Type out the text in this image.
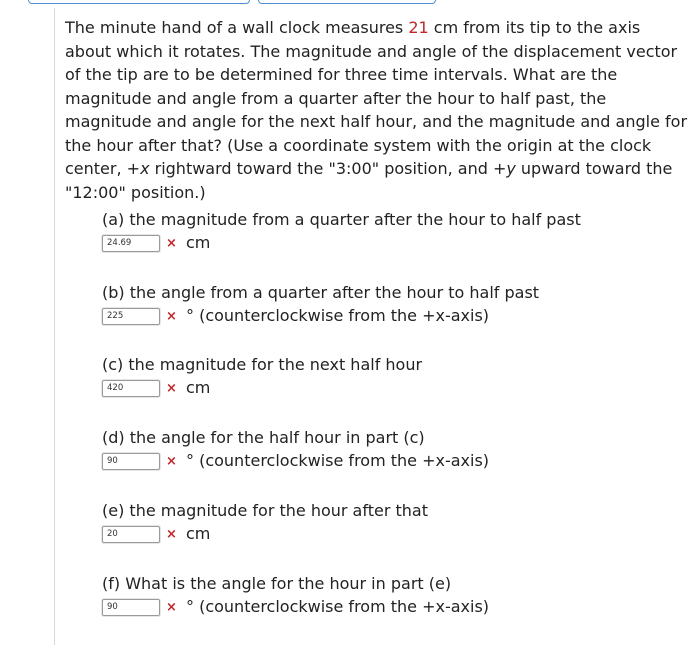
The minute hand of a wall clock measures 21 cm from its tip to the axis about which it rotates. The magnitude and angle of the displacement vector of the tip are to be determined for three time intervals. What are the magnitude and angle from a quarter after the hour to half past, the magnitude and angle for the next half hour, and the magnitude and angle for the hour after that? (Use a coordinate system with the origin at the clock center, +x rightward toward the "3:00" position, and +y upward toward the "12:00" position.)

(a) the magnitude from a quarter after the hour to half past

24.69	× cm

(b) the angle from a quarter after the hour to half past

225	× ° (counterclockwise from the +x-axis)

(c) the magnitude for the next half hour

420	× cm

(d) the angle for the half hour in part (c)

90	× ° (counterclockwise from the +x-axis)

(e) the magnitude for the hour after that

20	× cm

(f) What is the angle for the hour in part (e)

90	× ° (counterclockwise from the +x-axis)
